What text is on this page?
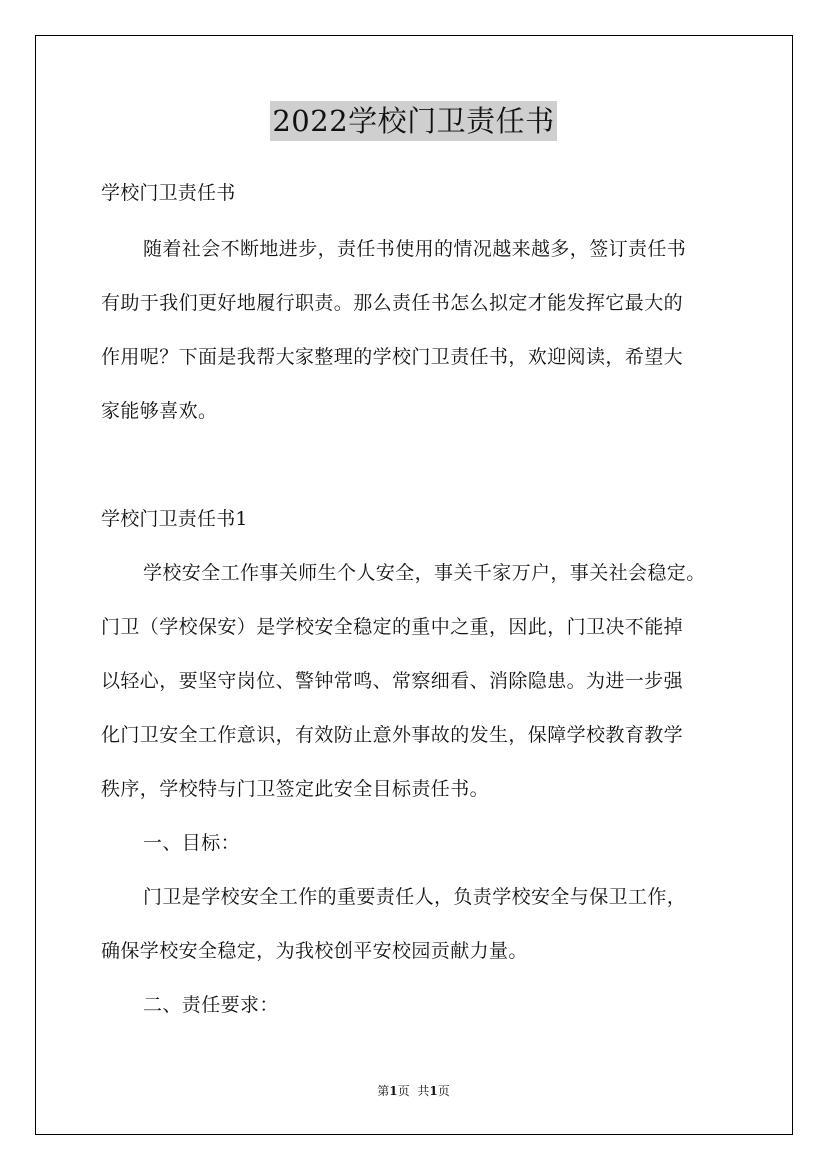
2022学校门卫责任书
学校门卫责任书
随着社会不断地进步，责任书使用的情况越来越多，签订责任书
有助于我们更好地履行职责。那么责任书怎么拟定才能发挥它最大的
作用呢？下面是我帮大家整理的学校门卫责任书，欢迎阅读，希望大
家能够喜欢。
学校门卫责任书1
学校安全工作事关师生个人安全，事关千家万户，事关社会稳定。
门卫（学校保安）是学校安全稳定的重中之重，因此，门卫决不能掉
以轻心，要坚守岗位、警钟常鸣、常察细看、消除隐患。为进一步强
化门卫安全工作意识，有效防止意外事故的发生，保障学校教育教学
秩序，学校特与门卫签定此安全目标责任书。
一、目标：
门卫是学校安全工作的重要责任人，负责学校安全与保卫工作，
确保学校安全稳定，为我校创平安校园贡献力量。
二、责任要求：
第1页 共1页
